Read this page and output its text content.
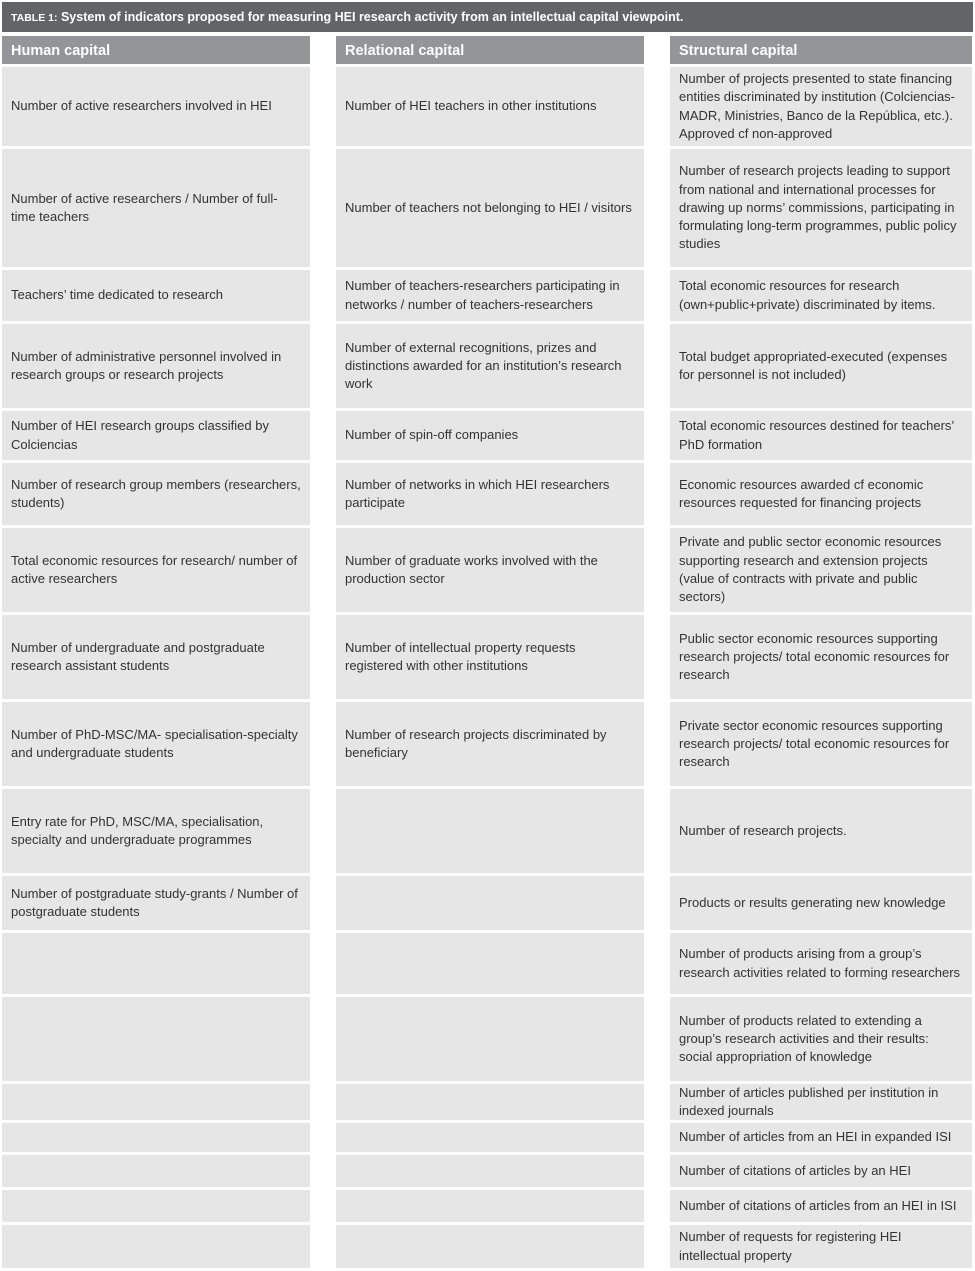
TABLE 1: System of indicators proposed for measuring HEI research activity from an intellectual capital viewpoint.
Human capital
Number of active researchers involved in HEI
Number of active researchers / Number of full-time teachers
Teachers’ time dedicated to research
Number of administrative personnel involved in research groups or research projects
Number of HEI research groups classified by Colciencias
Number of research group members (researchers, students)
Total economic resources for research/ number of active researchers
Number of undergraduate and postgraduate research assistant students
Number of PhD-MSC/MA- specialisation-specialty and undergraduate students
Entry rate for PhD, MSC/MA, specialisation, specialty and undergraduate programmes
Number of postgraduate study-grants / Number of postgraduate students
Relational capital
Number of HEI teachers in other institutions
Number of teachers not belonging to HEI / visitors
Number of teachers-researchers participating in networks / number of teachers-researchers
Number of external recognitions, prizes and distinctions awarded for an institution’s research work
Number of spin-off companies
Number of networks in which HEI researchers participate
Number of graduate works involved with the production sector
Number of intellectual property requests registered with other institutions
Number of research projects discriminated by beneficiary
Structural capital
Number of projects presented to state financing entities discriminated by institution (Colciencias-MADR, Ministries, Banco de la República, etc.). Approved cf non-approved
Number of research projects leading to support from national and international processes for drawing up norms’ commissions, participating in formulating long-term programmes, public policy studies
Total economic resources for research (own+public+private) discriminated by items.
Total budget appropriated-executed (expenses for personnel is not included)
Total economic resources destined for teachers’ PhD formation
Economic resources awarded cf economic resources requested for financing projects
Private and public sector economic resources supporting research and extension projects (value of contracts with private and public sectors)
Public sector economic resources supporting research projects/ total economic resources for research
Private sector economic resources supporting research projects/ total economic resources for research
Number of research projects.
Products or results generating new knowledge
Number of products arising from a group’s research activities related to forming researchers
Number of products related to extending a group’s research activities and their results: social appropriation of knowledge
Number of articles published per institution in indexed journals
Number of articles from an HEI in expanded ISI
Number of citations of articles by an HEI
Number of citations of articles from an HEI in ISI
Number of requests for registering HEI intellectual property
